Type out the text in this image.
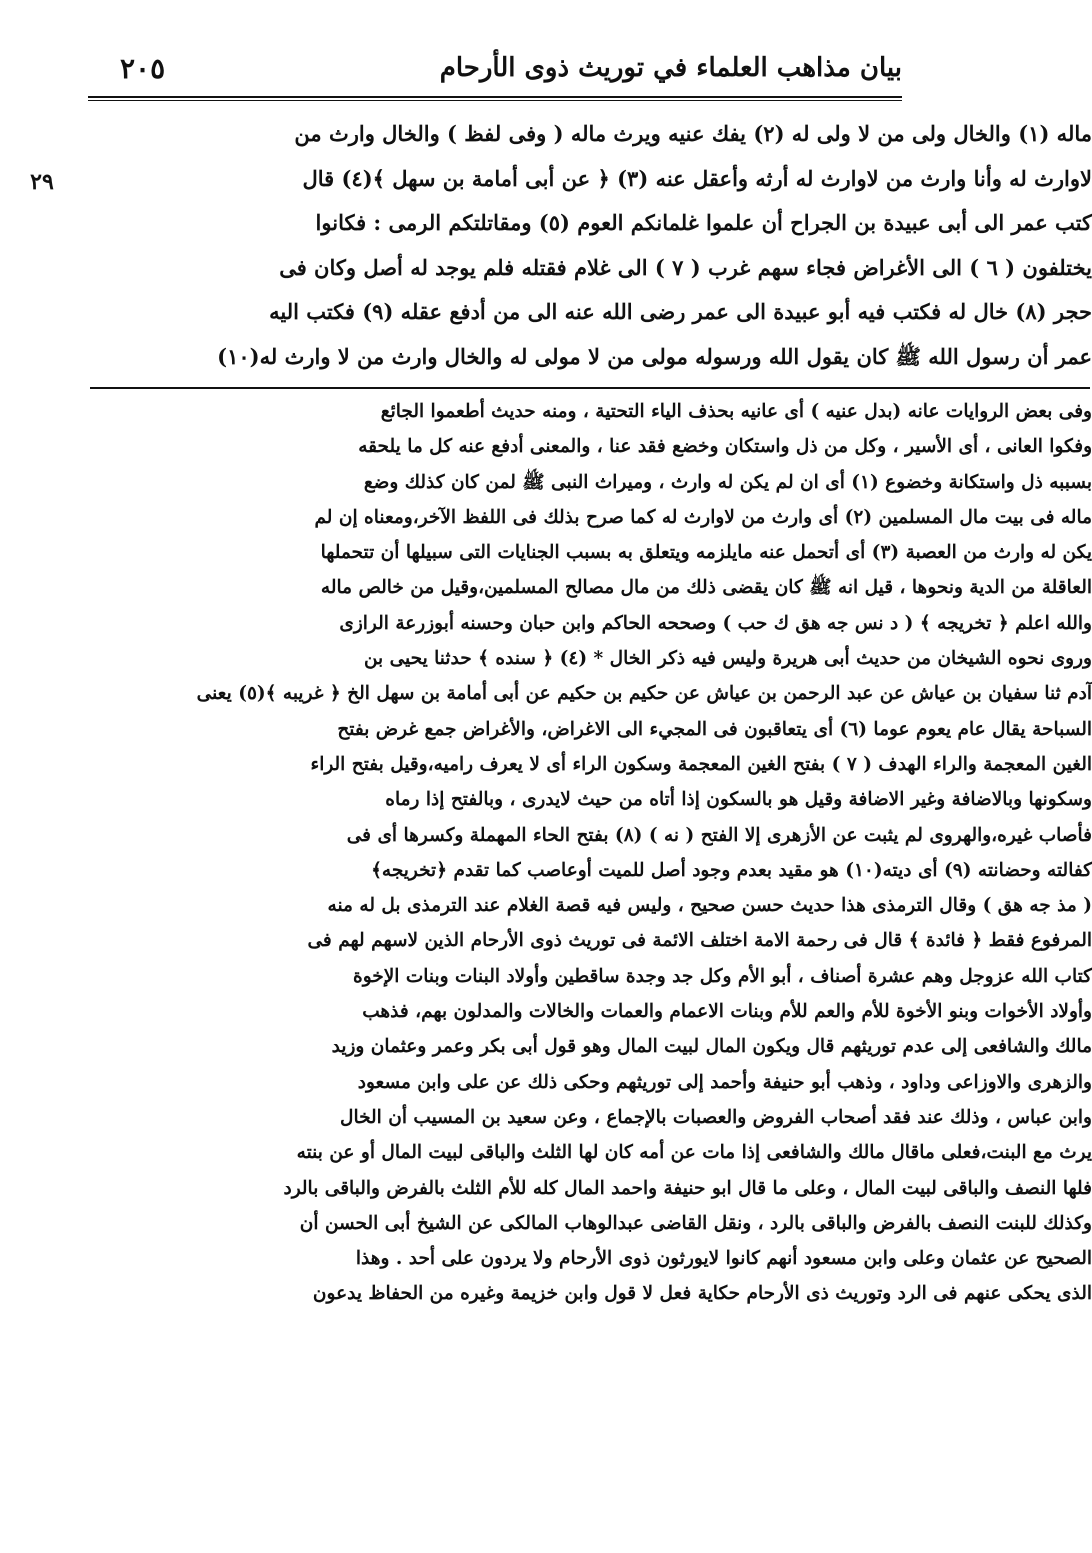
بيان مذاهب العلماء في توريث ذوى الأرحام
٢٠٥
٢٩
ماله (١) والخال ولى من لا ولى له (٢) يفك عنيه ويرث ماله ( وفى لفظ ) والخال وارث من
لاوارث له وأنا وارث من لاوارث له أرثه وأعقل عنه (٣) ﴿ عن أبى أمامة بن سهل ﴾(٤) قال
كتب عمر الى أبى عبيدة بن الجراح أن علموا غلمانكم العوم (٥) ومقاتلتكم الرمى : فكانوا
يختلفون ( ٦ ) الى الأغراض فجاء سهم غرب ( ٧ ) الى غلام فقتله فلم يوجد له أصل وكان فى
حجر (٨) خال له فكتب فيه أبو عبيدة الى عمر رضى الله عنه الى من أدفع عقله (٩) فكتب اليه
عمر أن رسول الله ﷺ كان يقول الله ورسوله مولى من لا مولى له والخال وارث من لا وارث له(١٠)
وفى بعض الروايات عانه (بدل عنيه ) أى عانيه بحذف الياء التحتية ، ومنه حديث أطعموا الجائع
وفكوا العانى ، أى الأسير ، وكل من ذل واستكان وخضع فقد عنا ، والمعنى أدفع عنه كل ما يلحقه
بسببه ذل واستكانة وخضوع (١) أى ان لم يكن له وارث ، وميراث النبى ﷺ لمن كان كذلك وضع
ماله فى بيت مال المسلمين (٢) أى وارث من لاوارث له كما صرح بذلك فى اللفظ الآخر،ومعناه إن لم
يكن له وارث من العصبة (٣) أى أتحمل عنه مايلزمه ويتعلق به بسبب الجنايات التى سبيلها أن تتحملها
العاقلة من الدية ونحوها ، قيل انه ﷺ كان يقضى ذلك من مال مصالح المسلمين،وقيل من خالص ماله
والله اعلم ﴿ تخريجه ﴾ ( د نس جه هق ك حب ) وصححه الحاكم وابن حبان وحسنه أبوزرعة الرازى
وروى نحوه الشيخان من حديث أبى هريرة وليس فيه ذكر الخال * (٤) ﴿ سنده ﴾ حدثنا يحيى بن
آدم ثنا سفيان بن عياش عن عبد الرحمن بن عياش عن حكيم بن حكيم عن أبى أمامة بن سهل الخ ﴿ غريبه ﴾(٥) يعنى
السباحة يقال عام يعوم عوما (٦) أى يتعاقبون فى المجيء الى الاغراض، والأغراض جمع غرض بفتح
الغين المعجمة والراء الهدف ( ٧ ) بفتح الغين المعجمة وسكون الراء أى لا يعرف راميه،وقيل بفتح الراء
وسكونها وبالاضافة وغير الاضافة وقيل هو بالسكون إذا أتاه من حيث لايدرى ، وبالفتح إذا رماه
فأصاب غيره،والهروى لم يثبت عن الأزهرى إلا الفتح ( نه ) (٨) بفتح الحاء المهملة وكسرها أى فى
كفالته وحضانته (٩) أى ديته(١٠) هو مقيد بعدم وجود أصل للميت أوعاصب كما تقدم ﴿تخريجه﴾
( مذ جه هق ) وقال الترمذى هذا حديث حسن صحيح ، وليس فيه قصة الغلام عند الترمذى بل له منه
المرفوع فقط ﴿ فائدة ﴾ قال فى رحمة الامة اختلف الائمة فى توريث ذوى الأرحام الذين لاسهم لهم فى
كتاب الله عزوجل وهم عشرة أصناف ، أبو الأم وكل جد وجدة ساقطين وأولاد البنات وبنات الإخوة
وأولاد الأخوات وبنو الأخوة للأم والعم للأم وبنات الاعمام والعمات والخالات والمدلون بهم، فذهب
مالك والشافعى إلى عدم توريثهم قال ويكون المال لبيت المال وهو قول أبى بكر وعمر وعثمان وزيد
والزهرى والاوزاعى وداود ، وذهب أبو حنيفة وأحمد إلى توريثهم وحكى ذلك عن على وابن مسعود
وابن عباس ، وذلك عند فقد أصحاب الفروض والعصبات بالإجماع ، وعن سعيد بن المسيب أن الخال
يرث مع البنت،فعلى ماقال مالك والشافعى إذا مات عن أمه كان لها الثلث والباقى لبيت المال أو عن بنته
فلها النصف والباقى لبيت المال ، وعلى ما قال ابو حنيفة واحمد المال كله للأم الثلث بالفرض والباقى بالرد
وكذلك للبنت النصف بالفرض والباقى بالرد ، ونقل القاضى عبدالوهاب المالكى عن الشيخ أبى الحسن أن
الصحيح عن عثمان وعلى وابن مسعود أنهم كانوا لايورثون ذوى الأرحام ولا يردون على أحد . وهذا
الذى يحكى عنهم فى الرد وتوريث ذى الأرحام حكاية فعل لا قول وابن خزيمة وغيره من الحفاظ يدعون
